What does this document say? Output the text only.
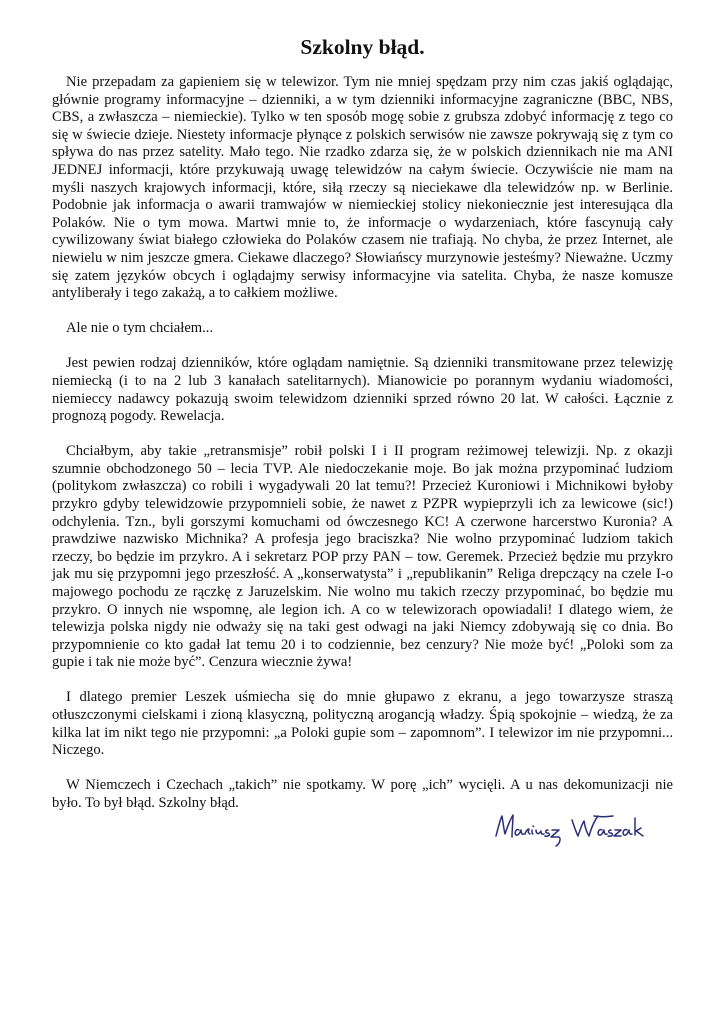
Szkolny błąd.

Nie przepadam za gapieniem się w telewizor. Tym nie mniej spędzam przy nim czas jakiś oglądając, głównie programy informacyjne – dzienniki, a w tym dzienniki informacyjne zagraniczne (BBC, NBS, CBS, a zwłaszcza – niemieckie). Tylko w ten sposób mogę sobie z grubsza zdobyć informację z tego co się w świecie dzieje. Niestety informacje płynące z polskich serwisów nie zawsze pokrywają się z tym co spływa do nas przez satelity. Mało tego. Nie rzadko zdarza się, że w polskich dziennikach nie ma ANI JEDNEJ informacji, które przykuwają uwagę telewidzów na całym świecie. Oczywiście nie mam na myśli naszych krajowych informacji, które, siłą rzeczy są nieciekawe dla telewidzów np. w Berlinie. Podobnie jak informacja o awarii tramwajów w niemieckiej stolicy niekoniecznie jest interesująca dla Polaków. Nie o tym mowa. Martwi mnie to, że informacje o wydarzeniach, które fascynują cały cywilizowany świat białego człowieka do Polaków czasem nie trafiają. No chyba, że przez Internet, ale niewielu w nim jeszcze gmera. Ciekawe dlaczego? Słowiańscy murzynowie jesteśmy? Nieważne. Uczmy się zatem języków obcych i oglądajmy serwisy informacyjne via satelita. Chyba, że nasze komusze antyliberały i tego zakażą, a to całkiem możliwe.

Ale nie o tym chciałem...

Jest pewien rodzaj dzienników, które oglądam namiętnie. Są dzienniki transmitowane przez telewizję niemiecką (i to na 2 lub 3 kanałach satelitarnych). Mianowicie po porannym wydaniu wiadomości, niemieccy nadawcy pokazują swoim telewidzom dzienniki sprzed równo 20 lat. W całości. Łącznie z prognozą pogody. Rewelacja.

Chciałbym, aby takie „retransmisje” robił polski I i II program reżimowej telewizji. Np. z okazji szumnie obchodzonego 50 – lecia TVP. Ale niedoczekanie moje. Bo jak można przypominać ludziom (politykom zwłaszcza) co robili i wygadywali 20 lat temu?! Przecież Kuroniowi i Michnikowi byłoby przykro gdyby telewidzowie przypomnieli sobie, że nawet z PZPR wypieprzyli ich za lewicowe (sic!) odchylenia. Tzn., byli gorszymi komuchami od ówczesnego KC! A czerwone harcerstwo Kuronia? A prawdziwe nazwisko Michnika? A profesja jego braciszka? Nie wolno przypominać ludziom takich rzeczy, bo będzie im przykro. A i sekretarz POP przy PAN – tow. Geremek. Przecież będzie mu przykro jak mu się przypomni jego przeszłość. A „konserwatysta” i „republikanin” Religa drepczący na czele I-o majowego pochodu ze rączkę z Jaruzelskim. Nie wolno mu takich rzeczy przypominać, bo będzie mu przykro. O innych nie wspomnę, ale legion ich. A co w telewizorach opowiadali! I dlatego wiem, że telewizja polska nigdy nie odważy się na taki gest odwagi na jaki Niemcy zdobywają się co dnia. Bo przypomnienie co kto gadał lat temu 20 i to codziennie, bez cenzury? Nie może być! „Poloki som za gupie i tak nie może być”. Cenzura wiecznie żywa!

I dlatego premier Leszek uśmiecha się do mnie głupawo z ekranu, a jego towarzysze straszą otłuszczonymi cielskami i zioną klasyczną, polityczną arogancją władzy. Śpią spokojnie – wiedzą, że za kilka lat im nikt tego nie przypomni: „a Poloki gupie som – zapomnom”. I telewizor im nie przypomni... Niczego.

W Niemczech i Czechach „takich” nie spotkamy. W porę „ich” wycięli. A u nas dekomunizacji nie było. To był błąd. Szkolny błąd.
